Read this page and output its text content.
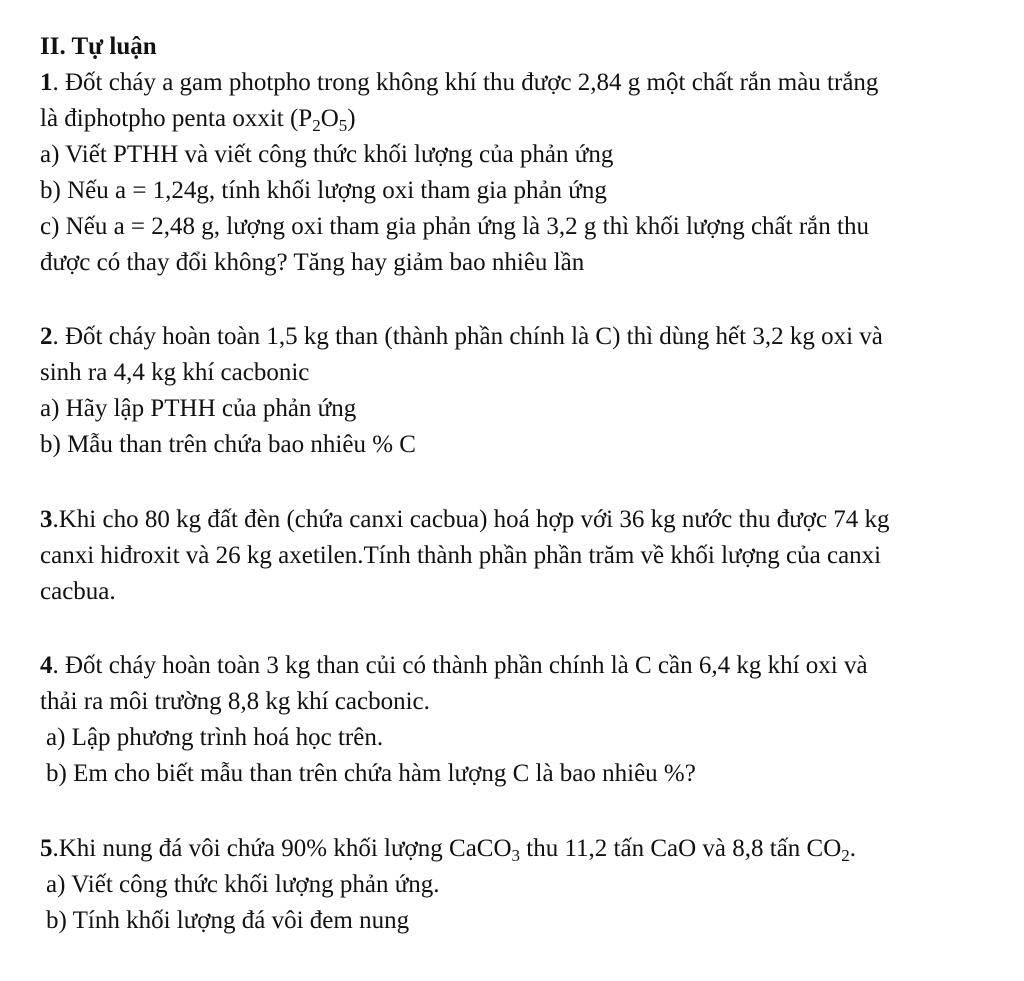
II. Tự luận
1. Đốt cháy a gam photpho trong không khí thu được 2,84 g một chất rắn màu trắng
là điphotpho penta oxxit $(P_2O_5)$
a) Viết PTHH và viết công thức khối lượng của phản ứng
b) Nếu a = 1,24g, tính khối lượng oxi tham gia phản ứng
c) Nếu a = 2,48 g, lượng oxi tham gia phản ứng là 3,2 g thì khối lượng chất rắn thu
được có thay đổi không? Tăng hay giảm bao nhiêu lần
2. Đốt cháy hoàn toàn 1,5 kg than (thành phần chính là C) thì dùng hết 3,2 kg oxi và
sinh ra 4,4 kg khí cacbonic
a) Hãy lập PTHH của phản ứng
b) Mẫu than trên chứa bao nhiêu % C
3.Khi cho 80 kg đất đèn (chứa canxi cacbua) hoá hợp với 36 kg nước thu được 74 kg
canxi hiđroxit và 26 kg axetilen.Tính thành phần phần trăm về khối lượng của canxi
cacbua.
4. Đốt cháy hoàn toàn 3 kg than củi có thành phần chính là C cần 6,4 kg khí oxi và
thải ra môi trường 8,8 kg khí cacbonic.
a) Lập phương trình hoá học trên.
b) Em cho biết mẫu than trên chứa hàm lượng C là bao nhiêu %?
5.Khi nung đá vôi chứa 90% khối lượng CaCO$_3$ thu 11,2 tấn CaO và 8,8 tấn $CO_2$.
a) Viết công thức khối lượng phản ứng.
b) Tính khối lượng đá vôi đem nung
